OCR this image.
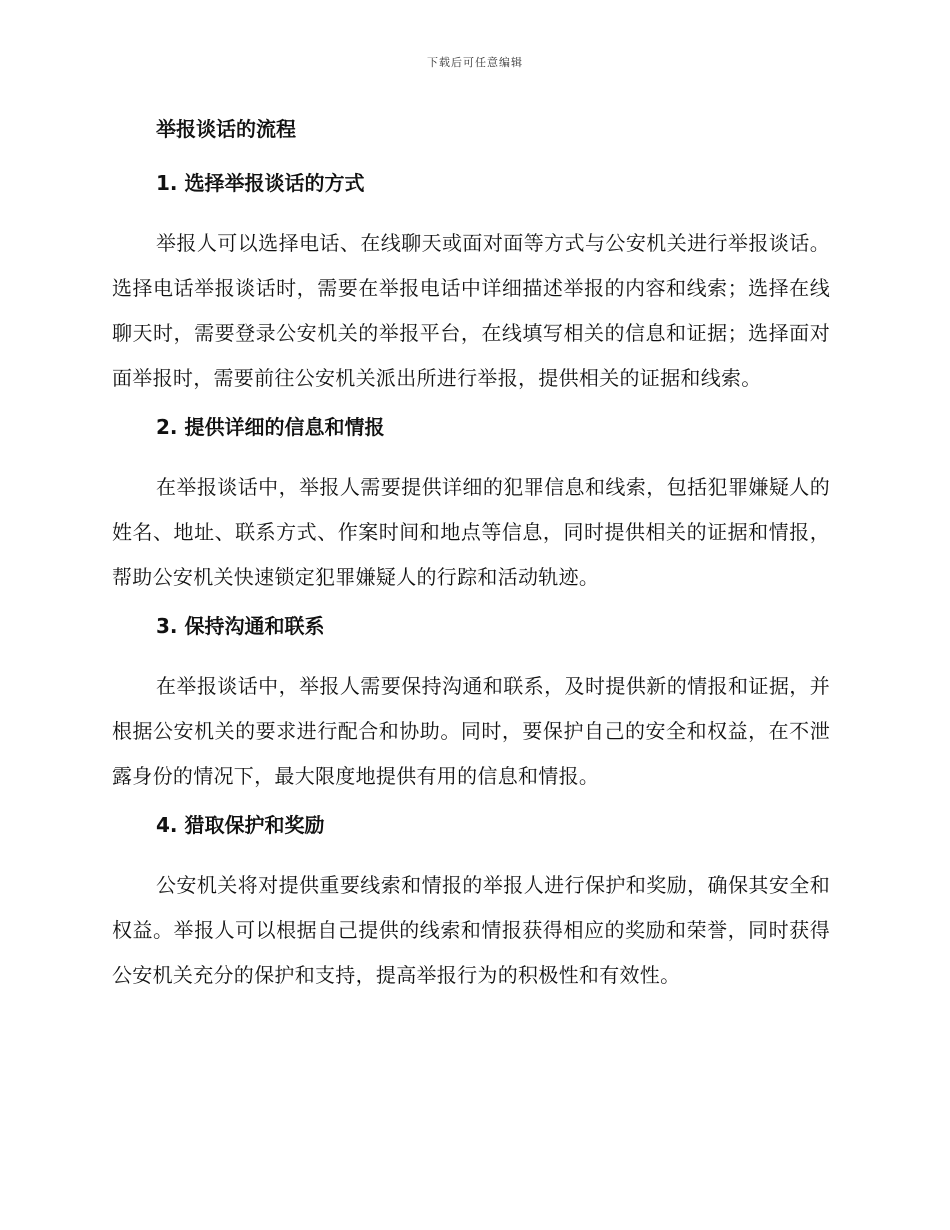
下载后可任意编辑
举报谈话的流程
1. 选择举报谈话的方式

举报人可以选择电话、在线聊天或面对面等方式与公安机关进行举报谈话。选择电话举报谈话时，需要在举报电话中详细描述举报的内容和线索；选择在线聊天时，需要登录公安机关的举报平台，在线填写相关的信息和证据；选择面对面举报时，需要前往公安机关派出所进行举报，提供相关的证据和线索。

2. 提供详细的信息和情报

在举报谈话中，举报人需要提供详细的犯罪信息和线索，包括犯罪嫌疑人的姓名、地址、联系方式、作案时间和地点等信息，同时提供相关的证据和情报，帮助公安机关快速锁定犯罪嫌疑人的行踪和活动轨迹。

3. 保持沟通和联系

在举报谈话中，举报人需要保持沟通和联系，及时提供新的情报和证据，并根据公安机关的要求进行配合和协助。同时，要保护自己的安全和权益，在不泄露身份的情况下，最大限度地提供有用的信息和情报。

4. 猎取保护和奖励

公安机关将对提供重要线索和情报的举报人进行保护和奖励，确保其安全和权益。举报人可以根据自己提供的线索和情报获得相应的奖励和荣誉，同时获得公安机关充分的保护和支持，提高举报行为的积极性和有效性。
